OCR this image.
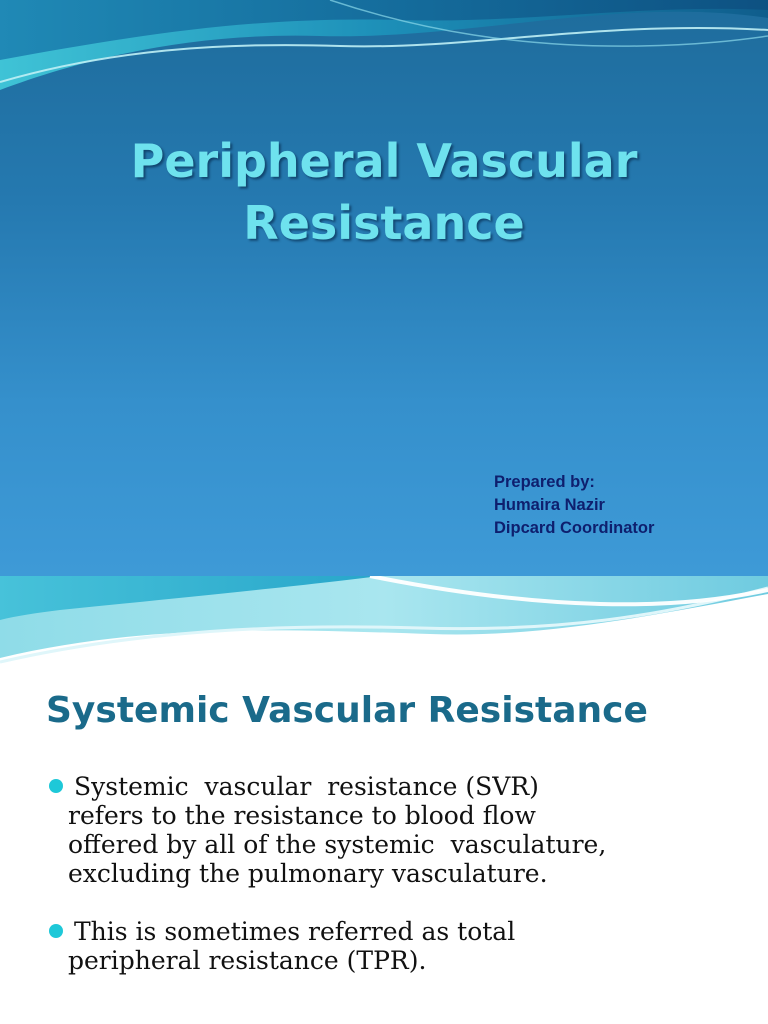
Peripheral Vascular
Resistance
Prepared by:
Humaira Nazir
Dipcard Coordinator
Systemic Vascular Resistance
Systemic  vascular  resistance (SVR)
refers to the resistance to blood flow
offered by all of the systemic  vasculature,
excluding the pulmonary vasculature.
This is sometimes referred as total
peripheral resistance (TPR).
